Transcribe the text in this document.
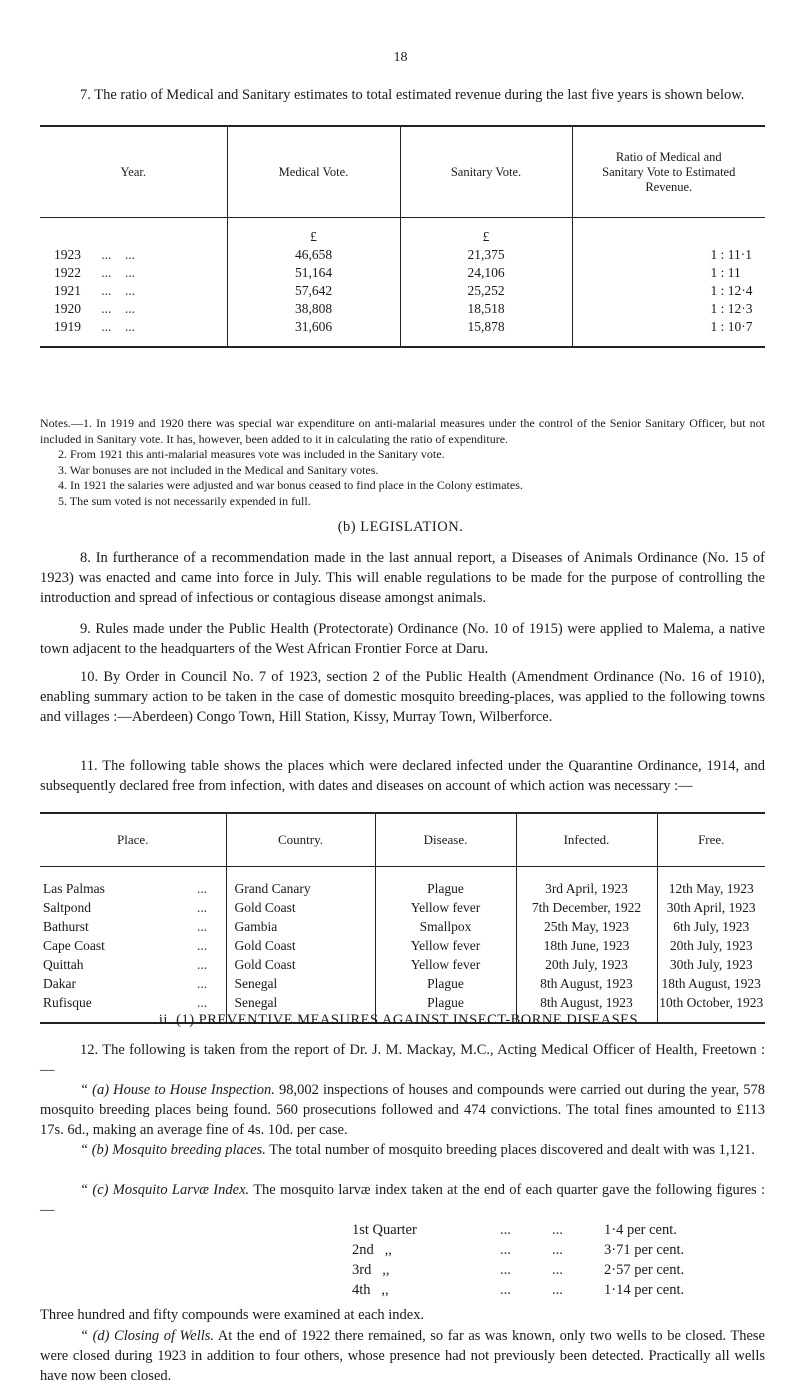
18

7. The ratio of Medical and Sanitary estimates to total estimated revenue during the last five years is shown below.

Year.	Medical Vote.	Sanitary Vote.	Ratio of Medical and Sanitary Vote to Estimated Revenue.
	£	£	
1923 ... ...	46,658	21,375	1 : 11·1
1922 ... ...	51,164	24,106	1 : 11
1921 ... ...	57,642	25,252	1 : 12·4
1920 ... ...	38,808	18,518	1 : 12·3
1919 ... ...	31,606	15,878	1 : 10·7

Notes.—1. In 1919 and 1920 there was special war expenditure on anti-malarial measures under the control of the Senior Sanitary Officer, but not included in Sanitary vote. It has, however, been added to it in calculating the ratio of expenditure.

2. From 1921 this anti-malarial measures vote was included in the Sanitary vote.

3. War bonuses are not included in the Medical and Sanitary votes.

4. In 1921 the salaries were adjusted and war bonus ceased to find place in the Colony estimates.

5. The sum voted is not necessarily expended in full.

(b) LEGISLATION.

8. In furtherance of a recommendation made in the last annual report, a Diseases of Animals Ordinance (No. 15 of 1923) was enacted and came into force in July. This will enable regulations to be made for the purpose of controlling the introduction and spread of infectious or contagious disease amongst animals.

9. Rules made under the Public Health (Protectorate) Ordinance (No. 10 of 1915) were applied to Malema, a native town adjacent to the headquarters of the West African Frontier Force at Daru.

10. By Order in Council No. 7 of 1923, section 2 of the Public Health (Amendment Ordinance (No. 16 of 1910), enabling summary action to be taken in the case of domestic mosquito breeding-places, was applied to the following towns and villages :—Aberdeen) Congo Town, Hill Station, Kissy, Murray Town, Wilberforce.

11. The following table shows the places which were declared infected under the Quarantine Ordinance, 1914, and subsequently declared free from infection, with dates and diseases on account of which action was necessary :—

Place.	Country.	Disease.	Infected.	Free.
Las Palmas ...	Grand Canary	Plague	3rd April, 1923	12th May, 1923
Saltpond ...	Gold Coast	Yellow fever	7th December, 1922	30th April, 1923
Bathurst ...	Gambia	Smallpox	25th May, 1923	6th July, 1923
Cape Coast ...	Gold Coast	Yellow fever	18th June, 1923	20th July, 1923
Quittah ...	Gold Coast	Yellow fever	20th July, 1923	30th July, 1923
Dakar ...	Senegal	Plague	8th August, 1923	18th August, 1923
Rufisque ...	Senegal	Plague	8th August, 1923	10th October, 1923
ii. (1) PREVENTIVE MEASURES AGAINST INSECT-BORNE DISEASES.

12. The following is taken from the report of Dr. J. M. Mackay, M.C., Acting Medical Officer of Health, Freetown :—

“ (a) House to House Inspection. 98,002 inspections of houses and compounds were carried out during the year, 578 mosquito breeding places being found. 560 prosecutions followed and 474 convictions. The total fines amounted to £113 17s. 6d., making an average fine of 4s. 10d. per case.

“ (b) Mosquito breeding places. The total number of mosquito breeding places discovered and dealt with was 1,121.

“ (c) Mosquito Larvæ Index. The mosquito larvæ index taken at the end of each quarter gave the following figures :—

1st Quarter	...	...	1·4 per cent.
2nd   ,,	...	...	3·71 per cent.
3rd   ,,	...	...	2·57 per cent.
4th   ,,	...	...	1·14 per cent.

Three hundred and fifty compounds were examined at each index.

“ (d) Closing of Wells. At the end of 1922 there remained, so far as was known, only two wells to be closed. These were closed during 1923 in addition to four others, whose presence had not previously been detected. Practically all wells have now been closed.
